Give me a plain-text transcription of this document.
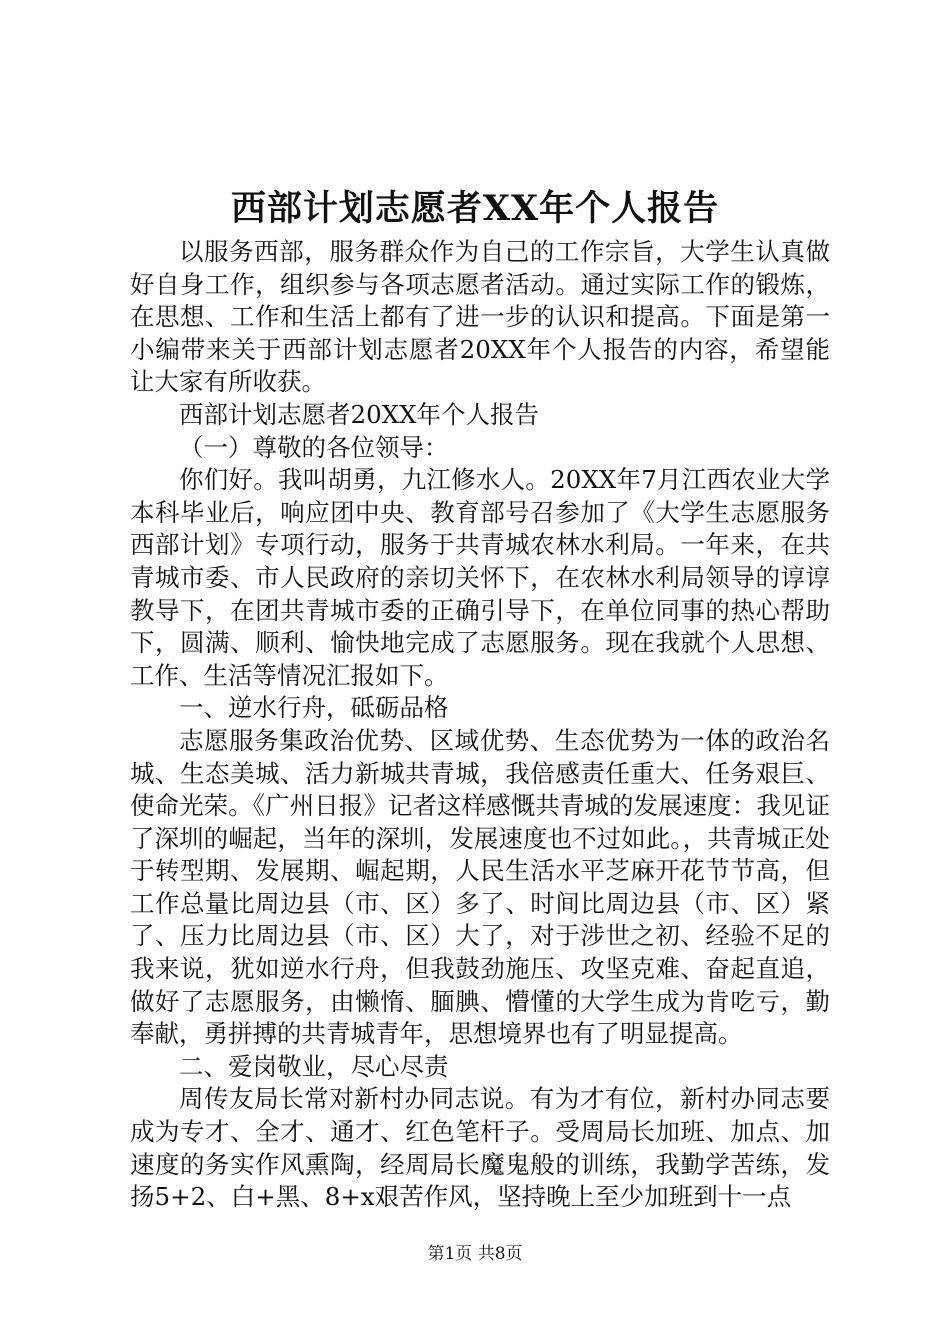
西部计划志愿者XX年个人报告

以服务西部，服务群众作为自己的工作宗旨，大学生认真做好自身工作，组织参与各项志愿者活动。通过实际工作的锻炼，在思想、工作和生活上都有了进一步的认识和提高。下面是第一小编带来关于西部计划志愿者20XX年个人报告的内容，希望能让大家有所收获。

西部计划志愿者20XX年个人报告

（一）尊敬的各位领导：

你们好。我叫胡勇，九江修水人。20XX年7月江西农业大学本科毕业后，响应团中央、教育部号召参加了《大学生志愿服务西部计划》专项行动，服务于共青城农林水利局。一年来，在共青城市委、市人民政府的亲切关怀下，在农林水利局领导的谆谆教导下，在团共青城市委的正确引导下，在单位同事的热心帮助下，圆满、顺利、愉快地完成了志愿服务。现在我就个人思想、工作、生活等情况汇报如下。

一、逆水行舟，砥砺品格

志愿服务集政治优势、区域优势、生态优势为一体的政治名城、生态美城、活力新城共青城，我倍感责任重大、任务艰巨、使命光荣。《广州日报》记者这样感慨共青城的发展速度：我见证了深圳的崛起，当年的深圳，发展速度也不过如此。，共青城正处于转型期、发展期、崛起期，人民生活水平芝麻开花节节高，但工作总量比周边县（市、区）多了、时间比周边县（市、区）紧了、压力比周边县（市、区）大了，对于涉世之初、经验不足的我来说，犹如逆水行舟，但我鼓劲施压、攻坚克难、奋起直追，做好了志愿服务，由懒惰、腼腆、懵懂的大学生成为肯吃亏，勤奉献，勇拼搏的共青城青年，思想境界也有了明显提高。

二、爱岗敬业，尽心尽责

周传友局长常对新村办同志说。有为才有位，新村办同志要成为专才、全才、通才、红色笔杆子。受周局长加班、加点、加速度的务实作风熏陶，经周局长魔鬼般的训练，我勤学苦练，发扬5+2、白+黑、8+x艰苦作风，坚持晚上至少加班到十一点

第1页 共8页
